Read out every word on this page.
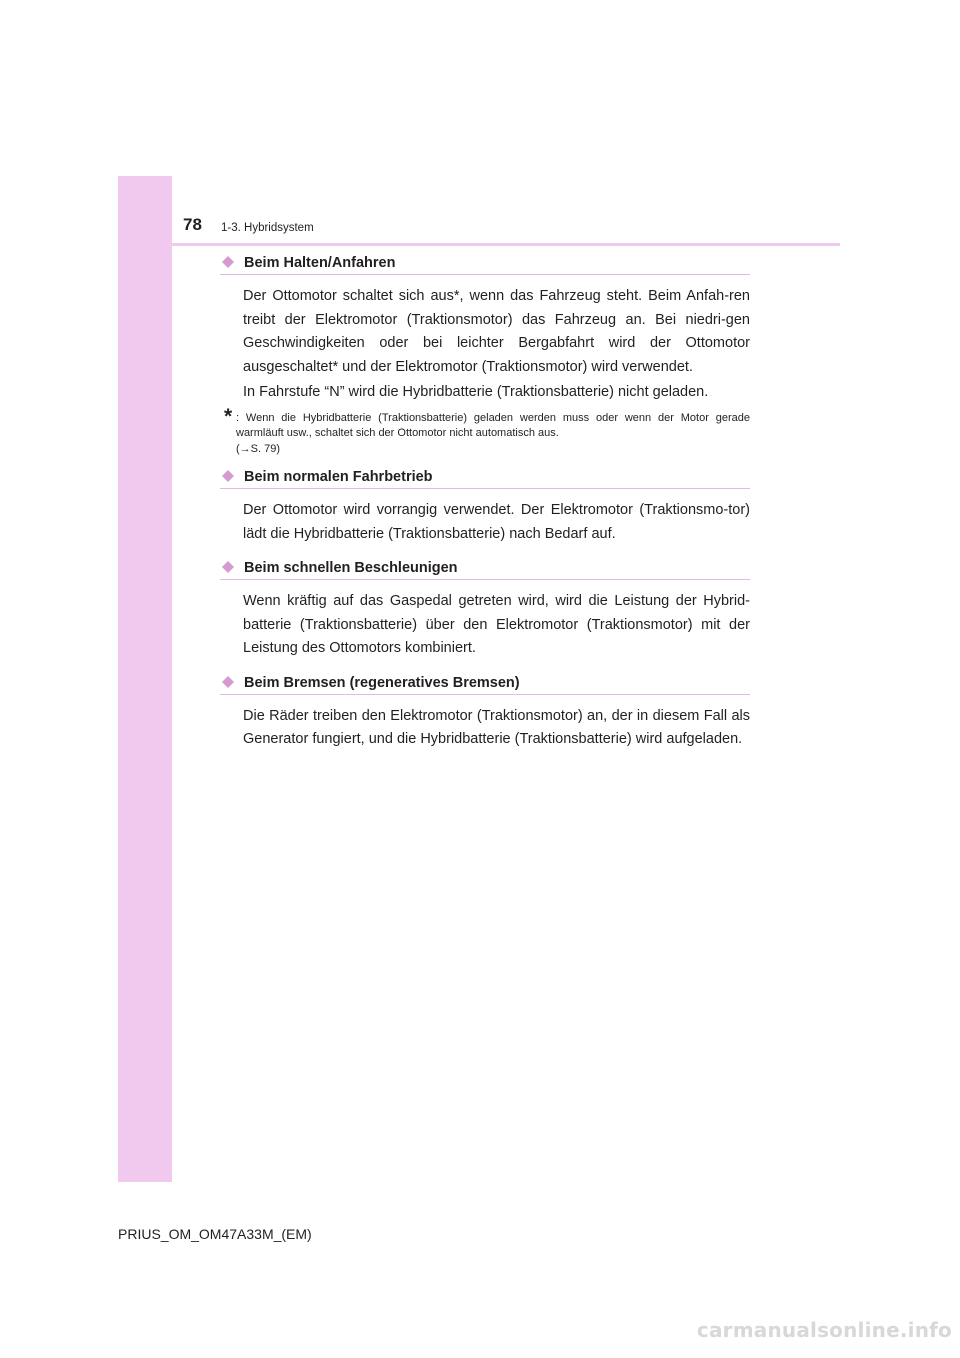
78 1-3. Hybridsystem
Beim Halten/Anfahren

Der Ottomotor schaltet sich aus*, wenn das Fahrzeug steht. Beim Anfah-ren treibt der Elektromotor (Traktionsmotor) das Fahrzeug an. Bei niedri-gen Geschwindigkeiten oder bei leichter Bergabfahrt wird der Ottomotor ausgeschaltet* und der Elektromotor (Traktionsmotor) wird verwendet.

In Fahrstufe “N” wird die Hybridbatterie (Traktionsbatterie) nicht geladen.

* : Wenn die Hybridbatterie (Traktionsbatterie) geladen werden muss oder wenn der Motor gerade warmläuft usw., schaltet sich der Ottomotor nicht automatisch aus.
(→S. 79)
Beim normalen Fahrbetrieb

Der Ottomotor wird vorrangig verwendet. Der Elektromotor (Traktionsmo-tor) lädt die Hybridbatterie (Traktionsbatterie) nach Bedarf auf.

Beim schnellen Beschleunigen

Wenn kräftig auf das Gaspedal getreten wird, wird die Leistung der Hybrid-batterie (Traktionsbatterie) über den Elektromotor (Traktionsmotor) mit der Leistung des Ottomotors kombiniert.

Beim Bremsen (regeneratives Bremsen)

Die Räder treiben den Elektromotor (Traktionsmotor) an, der in diesem Fall als Generator fungiert, und die Hybridbatterie (Traktionsbatterie) wird aufgeladen.

PRIUS_OM_OM47A33M_(EM)
carmanualsonline.info
